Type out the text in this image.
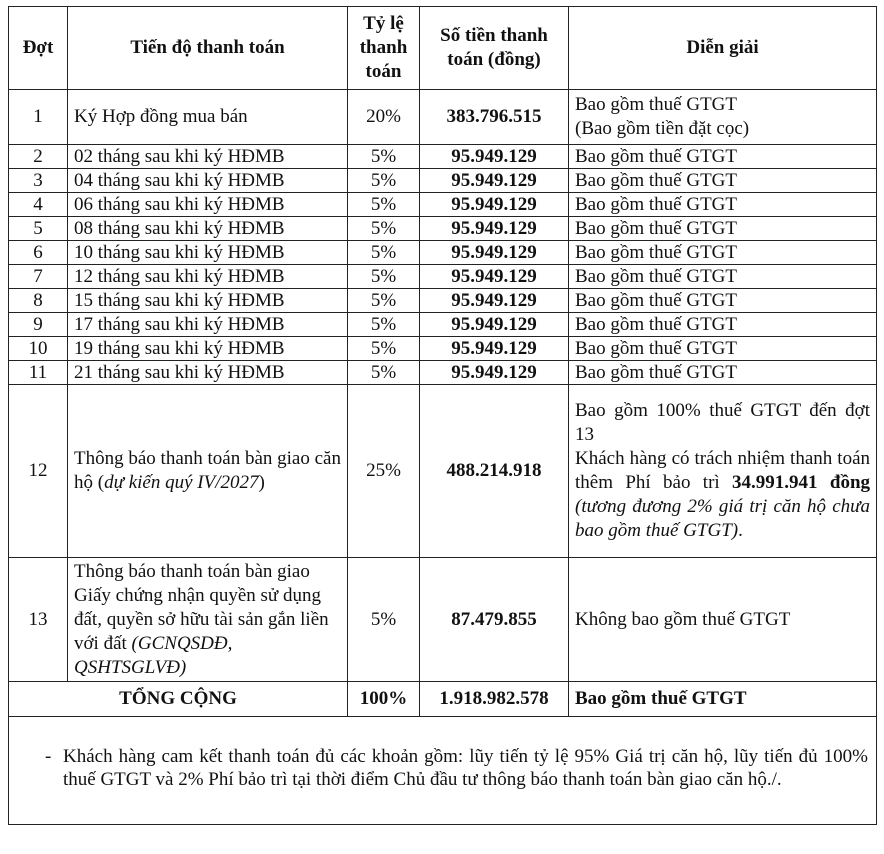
Đợt	Tiến độ thanh toán	Tỷ lệ thanh toán	Số tiền thanh toán (đồng)	Diễn giải
1	Ký Hợp đồng mua bán	20%	383.796.515	Bao gồm thuế GTGT
(Bao gồm tiền đặt cọc)

2	02 tháng sau khi ký HĐMB	5%	95.949.129	Bao gồm thuế GTGT
3	04 tháng sau khi ký HĐMB	5%	95.949.129	Bao gồm thuế GTGT
4	06 tháng sau khi ký HĐMB	5%	95.949.129	Bao gồm thuế GTGT
5	08 tháng sau khi ký HĐMB	5%	95.949.129	Bao gồm thuế GTGT
6	10 tháng sau khi ký HĐMB	5%	95.949.129	Bao gồm thuế GTGT
7	12 tháng sau khi ký HĐMB	5%	95.949.129	Bao gồm thuế GTGT
8	15 tháng sau khi ký HĐMB	5%	95.949.129	Bao gồm thuế GTGT
9	17 tháng sau khi ký HĐMB	5%	95.949.129	Bao gồm thuế GTGT
10	19 tháng sau khi ký HĐMB	5%	95.949.129	Bao gồm thuế GTGT
11	21 tháng sau khi ký HĐMB	5%	95.949.129	Bao gồm thuế GTGT
12	Thông báo thanh toán bàn giao căn hộ (dự kiến quý IV/2027)	25%	488.214.918	Bao gồm 100% thuế GTGT đến đợt 13
Khách hàng có trách nhiệm thanh toán thêm Phí bảo trì 34.991.941 đồng (tương đương 2% giá trị căn hộ chưa bao gồm thuế GTGT).

13	Thông báo thanh toán bàn giao Giấy chứng nhận quyền sử dụng đất, quyền sở hữu tài sản gắn liền với đất (GCNQSDĐ, QSHTSGLVĐ)	5%	87.479.855	Không bao gồm thuế GTGT
TỔNG CỘNG		100%	1.918.982.578	Bao gồm thuế GTGT

- Khách hàng cam kết thanh toán đủ các khoản gồm: lũy tiến tỷ lệ 95% Giá trị căn hộ, lũy tiến đủ 100% thuế GTGT và 2% Phí bảo trì tại thời điểm Chủ đầu tư thông báo thanh toán bàn giao căn hộ./.				
